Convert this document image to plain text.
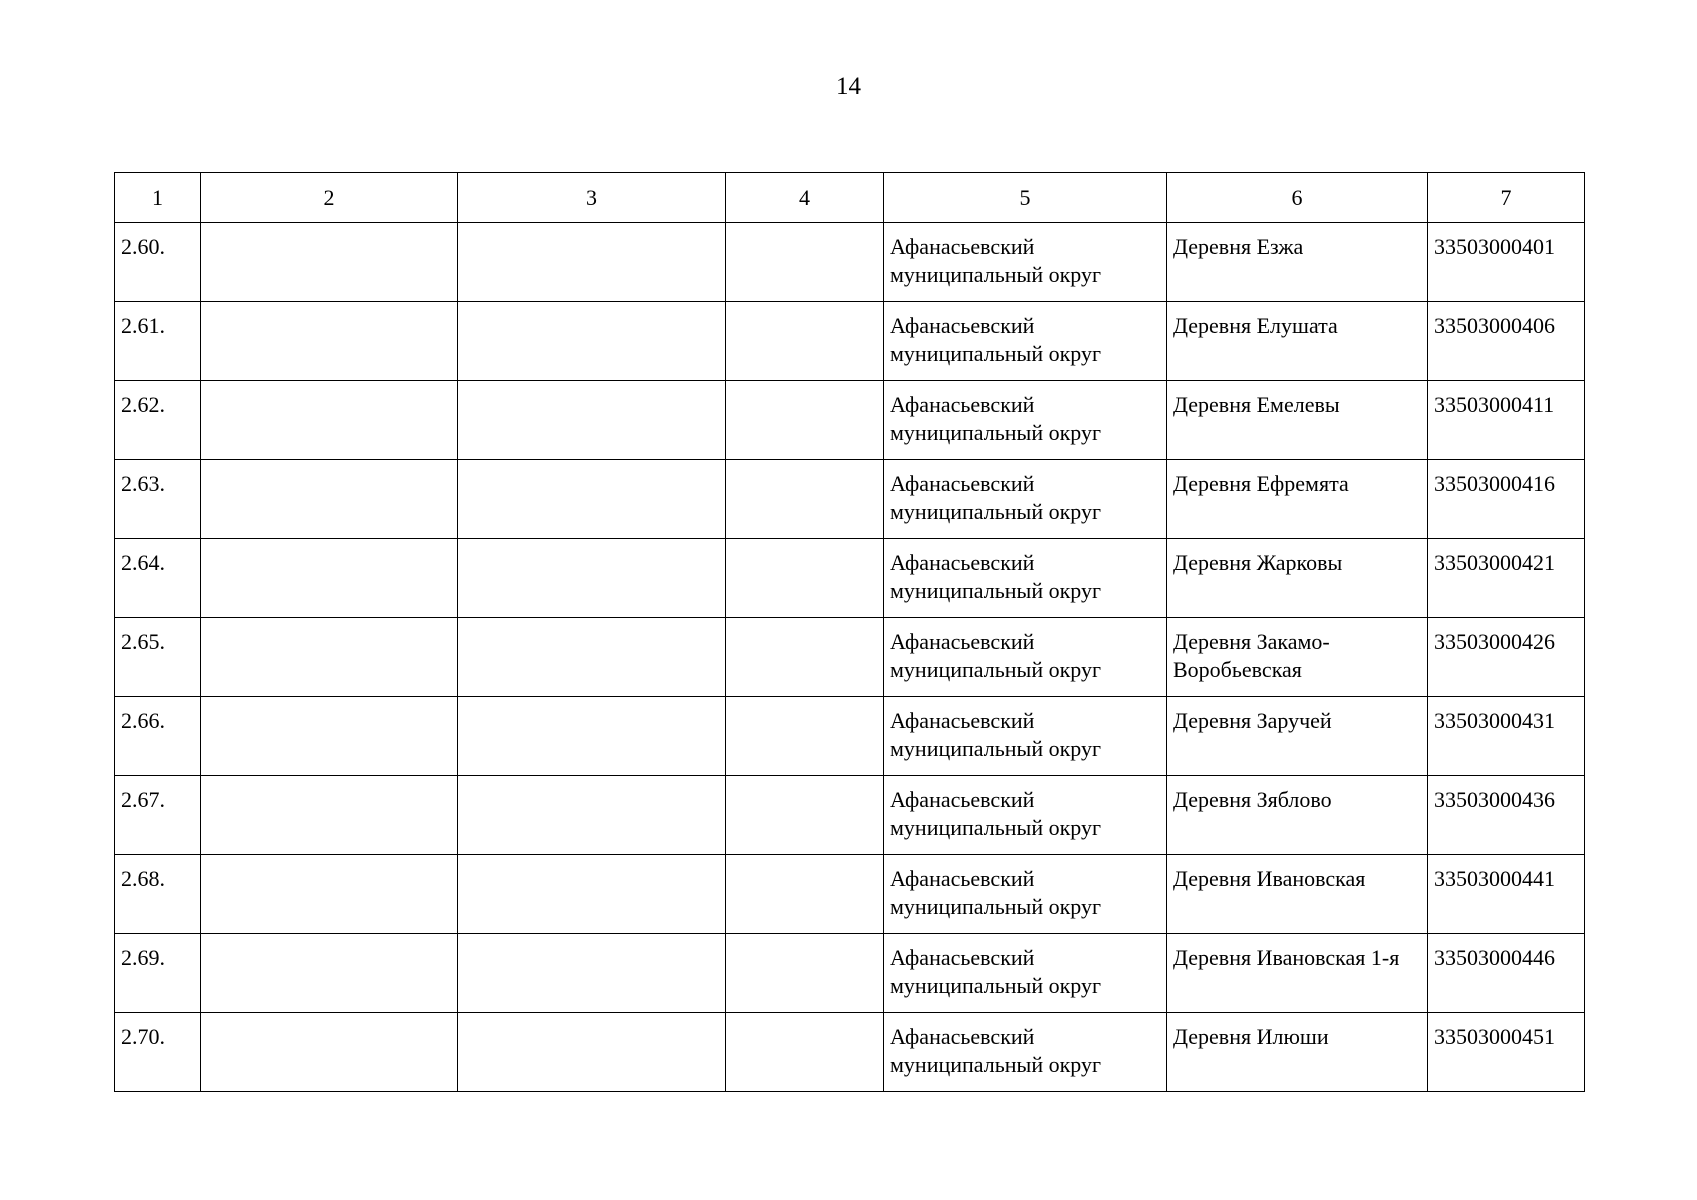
14
1	2	3	4	5	6	7
2.60.				Афанасьевский муниципальный округ	Деревня Езжа	33503000401
2.61.				Афанасьевский муниципальный округ	Деревня Елушата	33503000406
2.62.				Афанасьевский муниципальный округ	Деревня Емелевы	33503000411
2.63.				Афанасьевский муниципальный округ	Деревня Ефремята	33503000416
2.64.				Афанасьевский муниципальный округ	Деревня Жарковы	33503000421
2.65.				Афанасьевский муниципальный округ	Деревня Закамо-Воробьевская	33503000426
2.66.				Афанасьевский муниципальный округ	Деревня Заручей	33503000431
2.67.				Афанасьевский муниципальный округ	Деревня Зяблово	33503000436
2.68.				Афанасьевский муниципальный округ	Деревня Ивановская	33503000441
2.69.				Афанасьевский муниципальный округ	Деревня Ивановская 1-я	33503000446
2.70.				Афанасьевский муниципальный округ	Деревня Илюши	33503000451
